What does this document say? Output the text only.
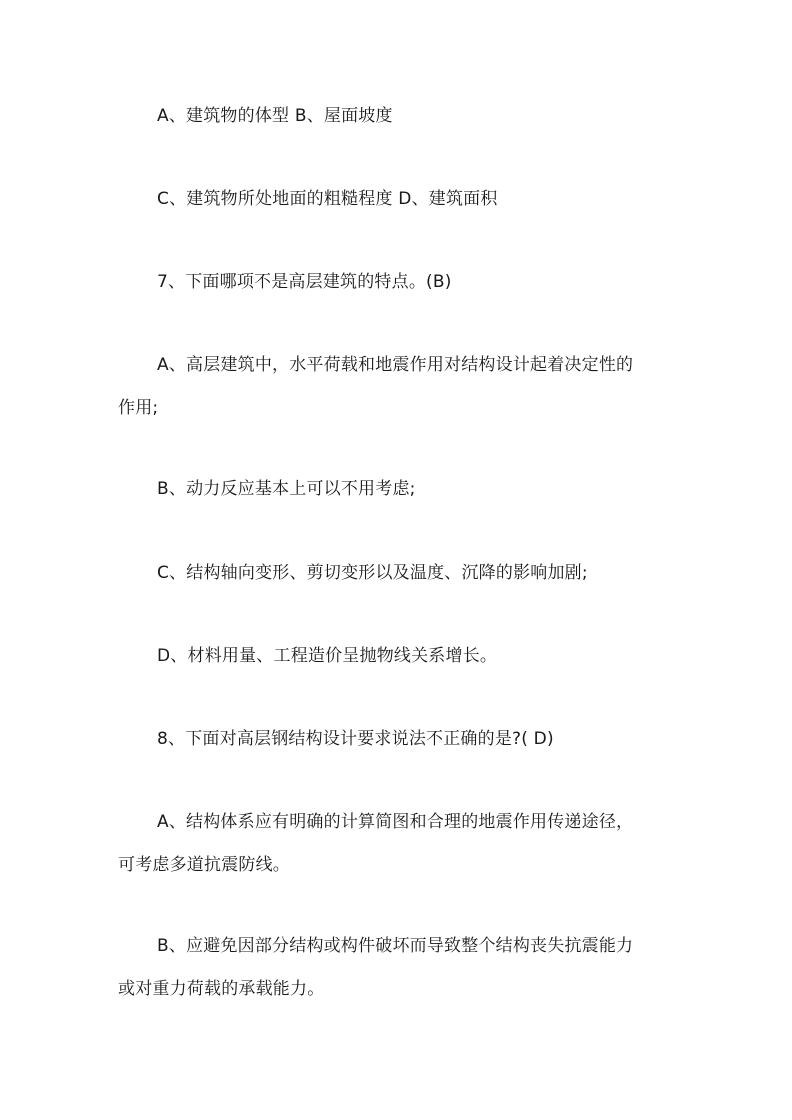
A、建筑物的体型 B、屋面坡度

C、建筑物所处地面的粗糙程度 D、建筑面积

7、下面哪项不是高层建筑的特点。(B)

A、高层建筑中，水平荷载和地震作用对结构设计起着决定性的
作用;

B、动力反应基本上可以不用考虑;

C、结构轴向变形、剪切变形以及温度、沉降的影响加剧;

D、材料用量、工程造价呈抛物线关系增长。

8、下面对高层钢结构设计要求说法不正确的是?( D)

A、结构体系应有明确的计算简图和合理的地震作用传递途径，
可考虑多道抗震防线。

B、应避免因部分结构或构件破坏而导致整个结构丧失抗震能力
或对重力荷载的承载能力。
